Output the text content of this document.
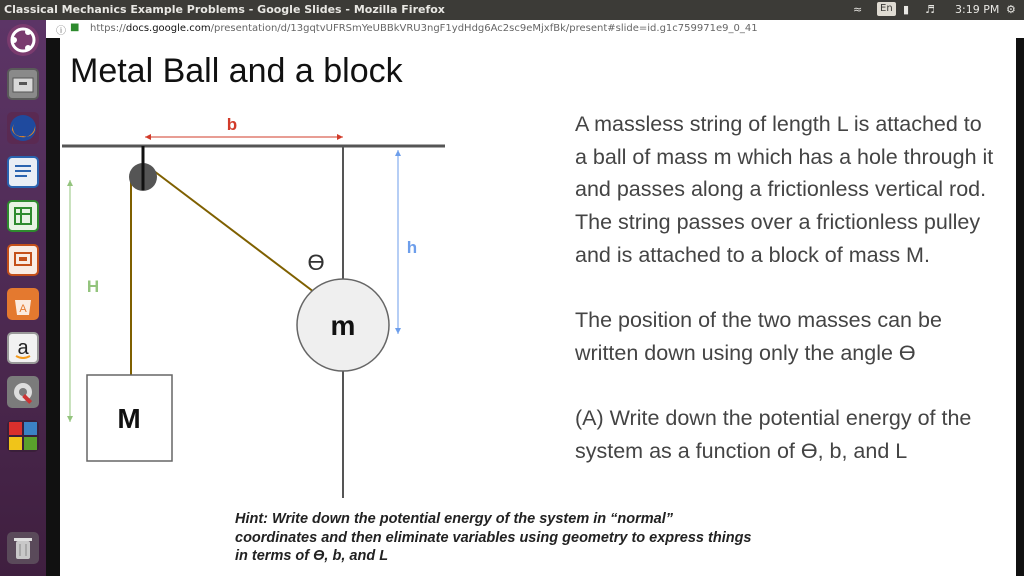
Classical Mechanics Example Problems - Google Slides - Mozilla Firefox	≈	En ▮ ♬ 3:19 PM ⚙
A
a
ⓘ ■ https://docs.google.com/presentation/d/13gqtvUFRSmYeUBBkVRU3ngF1ydHdg6Ac2sc9eMjxfBk/present#slide=id.g1c759971e9_0_41
Metal Ball and a block
b
h
H
ϴ
m
M

A massless string of length L is attached to a ball of mass m which has a hole through it and passes along a frictionless vertical rod. The string passes over a frictionless pulley and is attached to a block of mass M.

The position of the two masses can be written down using only the angle ϴ

(A) Write down the potential energy of the system as a function of ϴ, b, and L

Hint: Write down the potential energy of the system in “normal” coordinates and then eliminate variables using geometry to express things in terms of ϴ, b, and L
